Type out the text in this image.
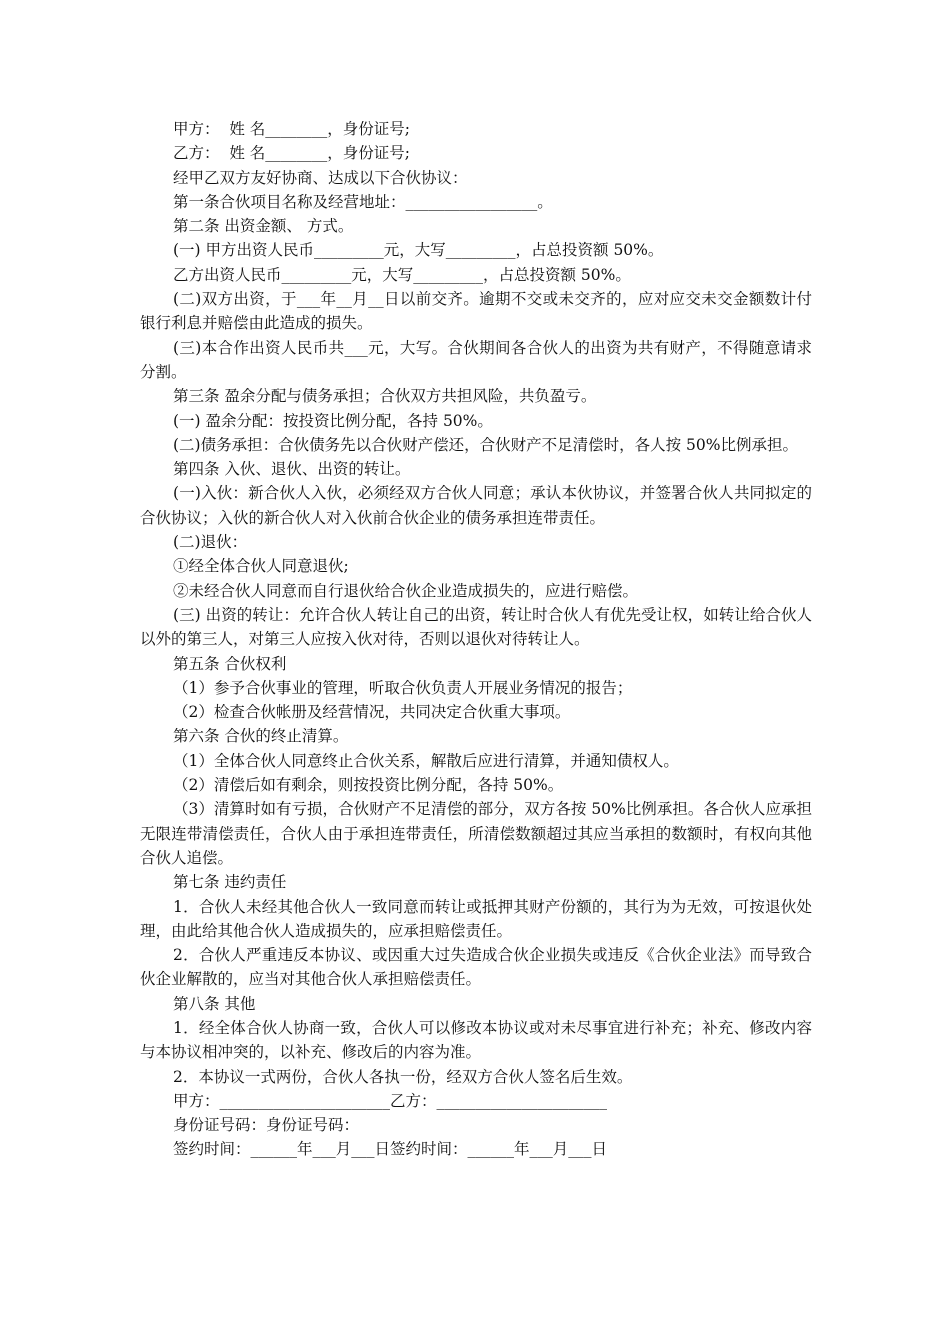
甲方：  姓 名________，身份证号;

乙方：  姓 名________，身份证号;

经甲乙双方友好协商、达成以下合伙协议：

第一条合伙项目名称及经营地址：_________________。

第二条 出资金额、 方式。

(一) 甲方出资人民币_________元，大写_________，占总投资额 50%。

乙方出资人民币_________元，大写_________，占总投资额 50%。

(二)双方出资，于___年__月__日以前交齐。逾期不交或未交齐的，应对应交未交金额数计付银行利息并赔偿由此造成的损失。

(三)本合作出资人民币共___元，大写。合伙期间各合伙人的出资为共有财产，不得随意请求分割。

第三条 盈余分配与债务承担；合伙双方共担风险，共负盈亏。

(一) 盈余分配：按投资比例分配，各持 50%。

(二)债务承担：合伙债务先以合伙财产偿还，合伙财产不足清偿时，各人按 50%比例承担。

第四条 入伙、退伙、出资的转让。

(一)入伙：新合伙人入伙，必须经双方合伙人同意；承认本伙协议，并签署合伙人共同拟定的合伙协议；入伙的新合伙人对入伙前合伙企业的债务承担连带责任。

(二)退伙：

①经全体合伙人同意退伙;

②未经合伙人同意而自行退伙给合伙企业造成损失的，应进行赔偿。

(三) 出资的转让：允许合伙人转让自己的出资，转让时合伙人有优先受让权，如转让给合伙人以外的第三人，对第三人应按入伙对待，否则以退伙对待转让人。

第五条 合伙权利

（1）参予合伙事业的管理，听取合伙负责人开展业务情况的报告；

（2）检查合伙帐册及经营情况，共同决定合伙重大事项。

第六条 合伙的终止清算。

（1）全体合伙人同意终止合伙关系，解散后应进行清算，并通知债权人。

（2）清偿后如有剩余，则按投资比例分配，各持 50%。

（3）清算时如有亏损，合伙财产不足清偿的部分，双方各按 50%比例承担。各合伙人应承担无限连带清偿责任，合伙人由于承担连带责任，所清偿数额超过其应当承担的数额时，有权向其他合伙人追偿。

第七条 违约责任

1．合伙人未经其他合伙人一致同意而转让或抵押其财产份额的，其行为为无效，可按退伙处理，由此给其他合伙人造成损失的，应承担赔偿责任。

2．合伙人严重违反本协议、或因重大过失造成合伙企业损失或违反《合伙企业法》而导致合伙企业解散的，应当对其他合伙人承担赔偿责任。

第八条 其他

1．经全体合伙人协商一致，合伙人可以修改本协议或对未尽事宜进行补充；补充、修改内容与本协议相冲突的，以补充、修改后的内容为准。

2．本协议一式两份，合伙人各执一份，经双方合伙人签名后生效。

甲方：______________________乙方：______________________

身份证号码：身份证号码：

签约时间：______年___月___日签约时间：______年___月___日
